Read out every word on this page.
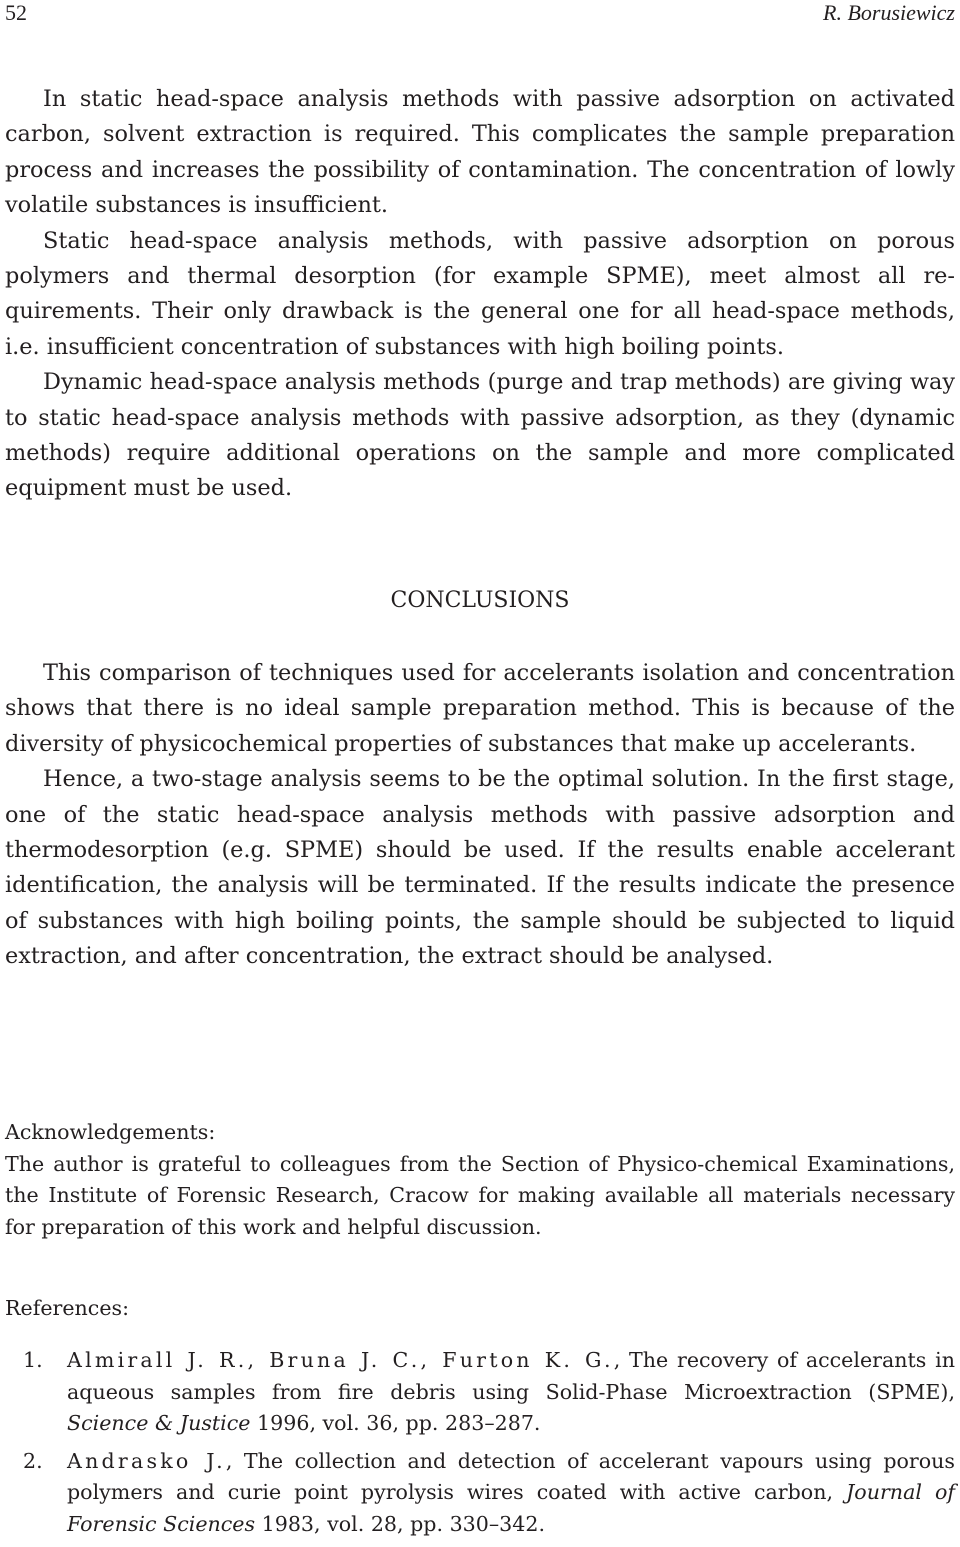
52	R. Borusiewicz

In static head-space analysis methods with passive adsorption on activated carbon, solvent extraction is required. This complicates the sample preparation process and increases the possibility of contamination. The concentration of lowly volatile substances is insufficient.

Static head-space analysis methods, with passive adsorption on porous polymers and thermal desorption (for example SPME), meet almost all requirements. Their only drawback is the general one for all head-space methods, i.e. insufficient concentration of substances with high boiling points.

Dynamic head-space analysis methods (purge and trap methods) are giving way to static head-space analysis methods with passive adsorption, as they (dynamic methods) require additional operations on the sample and more complicated equipment must be used.

CONCLUSIONS

This comparison of techniques used for accelerants isolation and concentration shows that there is no ideal sample preparation method. This is because of the diversity of physicochemical properties of substances that make up accelerants.

Hence, a two-stage analysis seems to be the optimal solution. In the first stage, one of the static head-space analysis methods with passive adsorption and thermodesorption (e.g. SPME) should be used. If the results enable accelerant identification, the analysis will be terminated. If the results indicate the presence of substances with high boiling points, the sample should be subjected to liquid extraction, and after concentration, the extract should be analysed.

Acknowledgements:

The author is grateful to colleagues from the Section of Physico-chemical Examinations, the Institute of Forensic Research, Cracow for making available all materials necessary for preparation of this work and helpful discussion.

References:

1. Almirall J. R., Bruna J. C., Furton K. G., The recovery of accelerants in aqueous samples from fire debris using Solid-Phase Microextraction (SPME), Science & Justice 1996, vol. 36, pp. 283–287.
2. Andrasko J., The collection and detection of accelerant vapours using porous polymers and curie point pyrolysis wires coated with active carbon, Journal of Forensic Sciences 1983, vol. 28, pp. 330–342.
